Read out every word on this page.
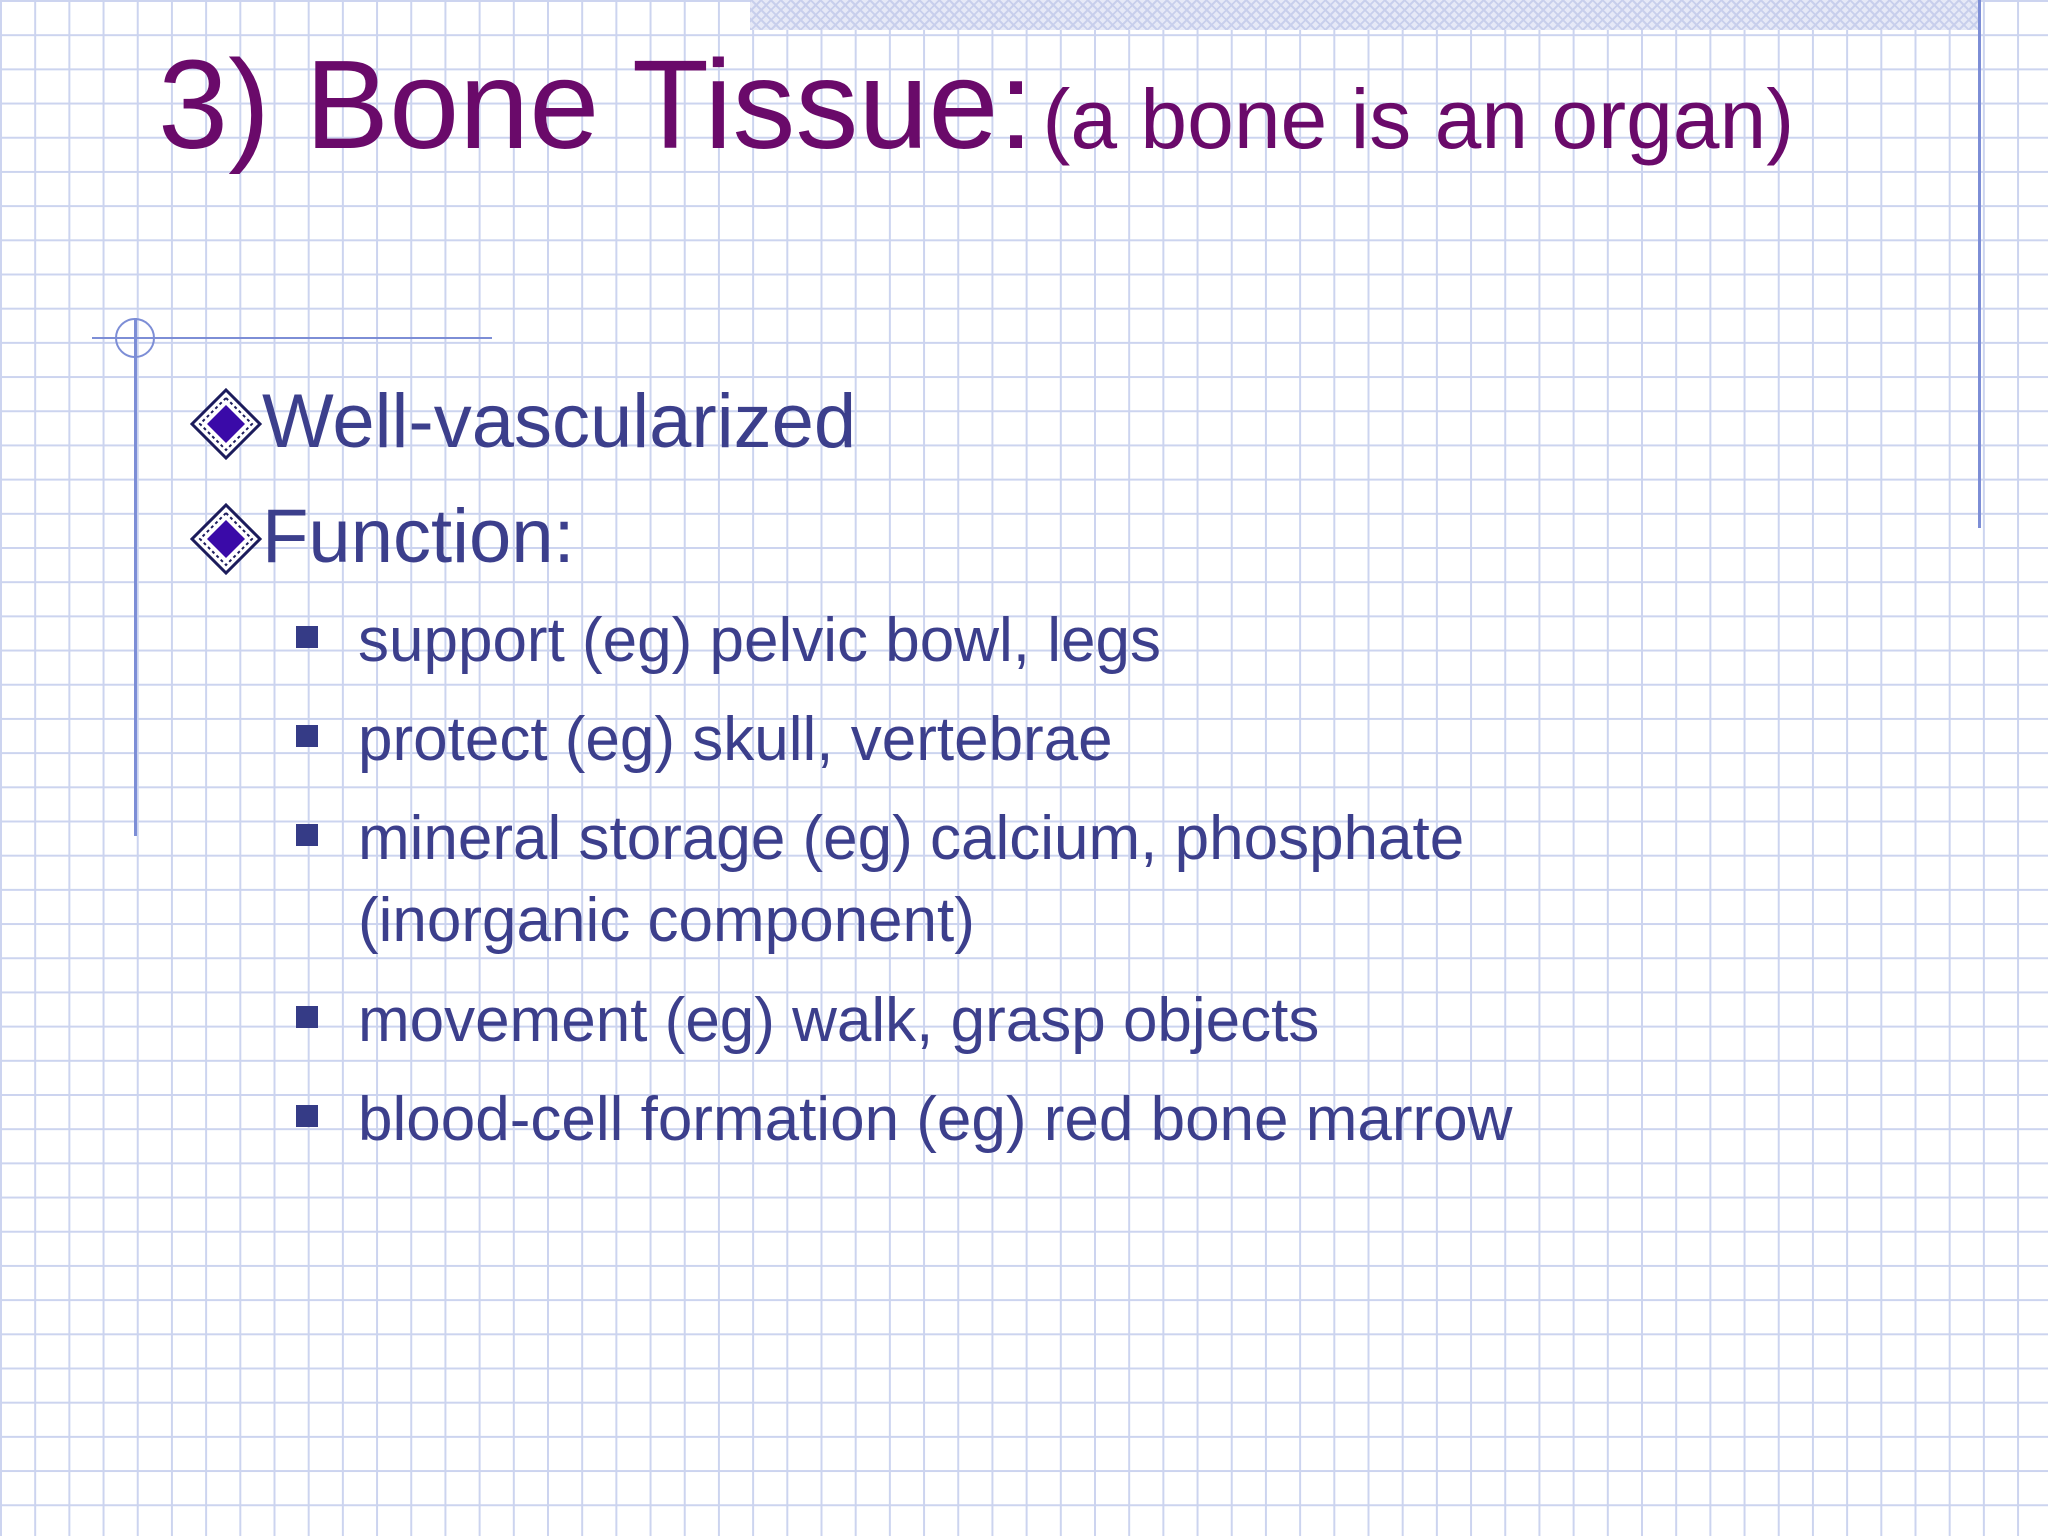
3) Bone Tissue: (a bone is an organ)
Well-vascularized
Function:
support (eg) pelvic bowl, legs
protect (eg) skull, vertebrae
mineral storage (eg) calcium, phosphate (inorganic component)
movement (eg) walk, grasp objects
blood-cell formation (eg) red bone marrow
